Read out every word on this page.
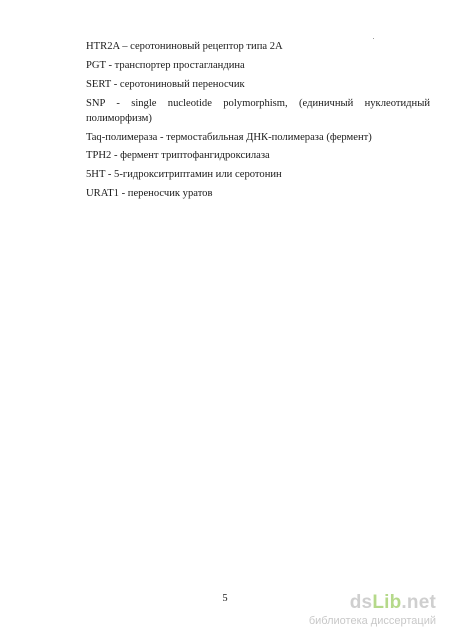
HTR2A – серотониновый рецептор типа 2A
PGT - транспортер простагландина
SERT - серотониновый переносчик
SNP - single nucleotide polymorphism, (единичный нуклеотидный
полиморфизм)
Taq-полимераза - термостабильная ДНК-полимераза (фермент)
TPH2 - фермент триптофангидроксилаза
5HT - 5-гидрокситриптамин или серотонин
URAT1 - переносчик уратов
5	dsLib.net
библиотека диссертаций
